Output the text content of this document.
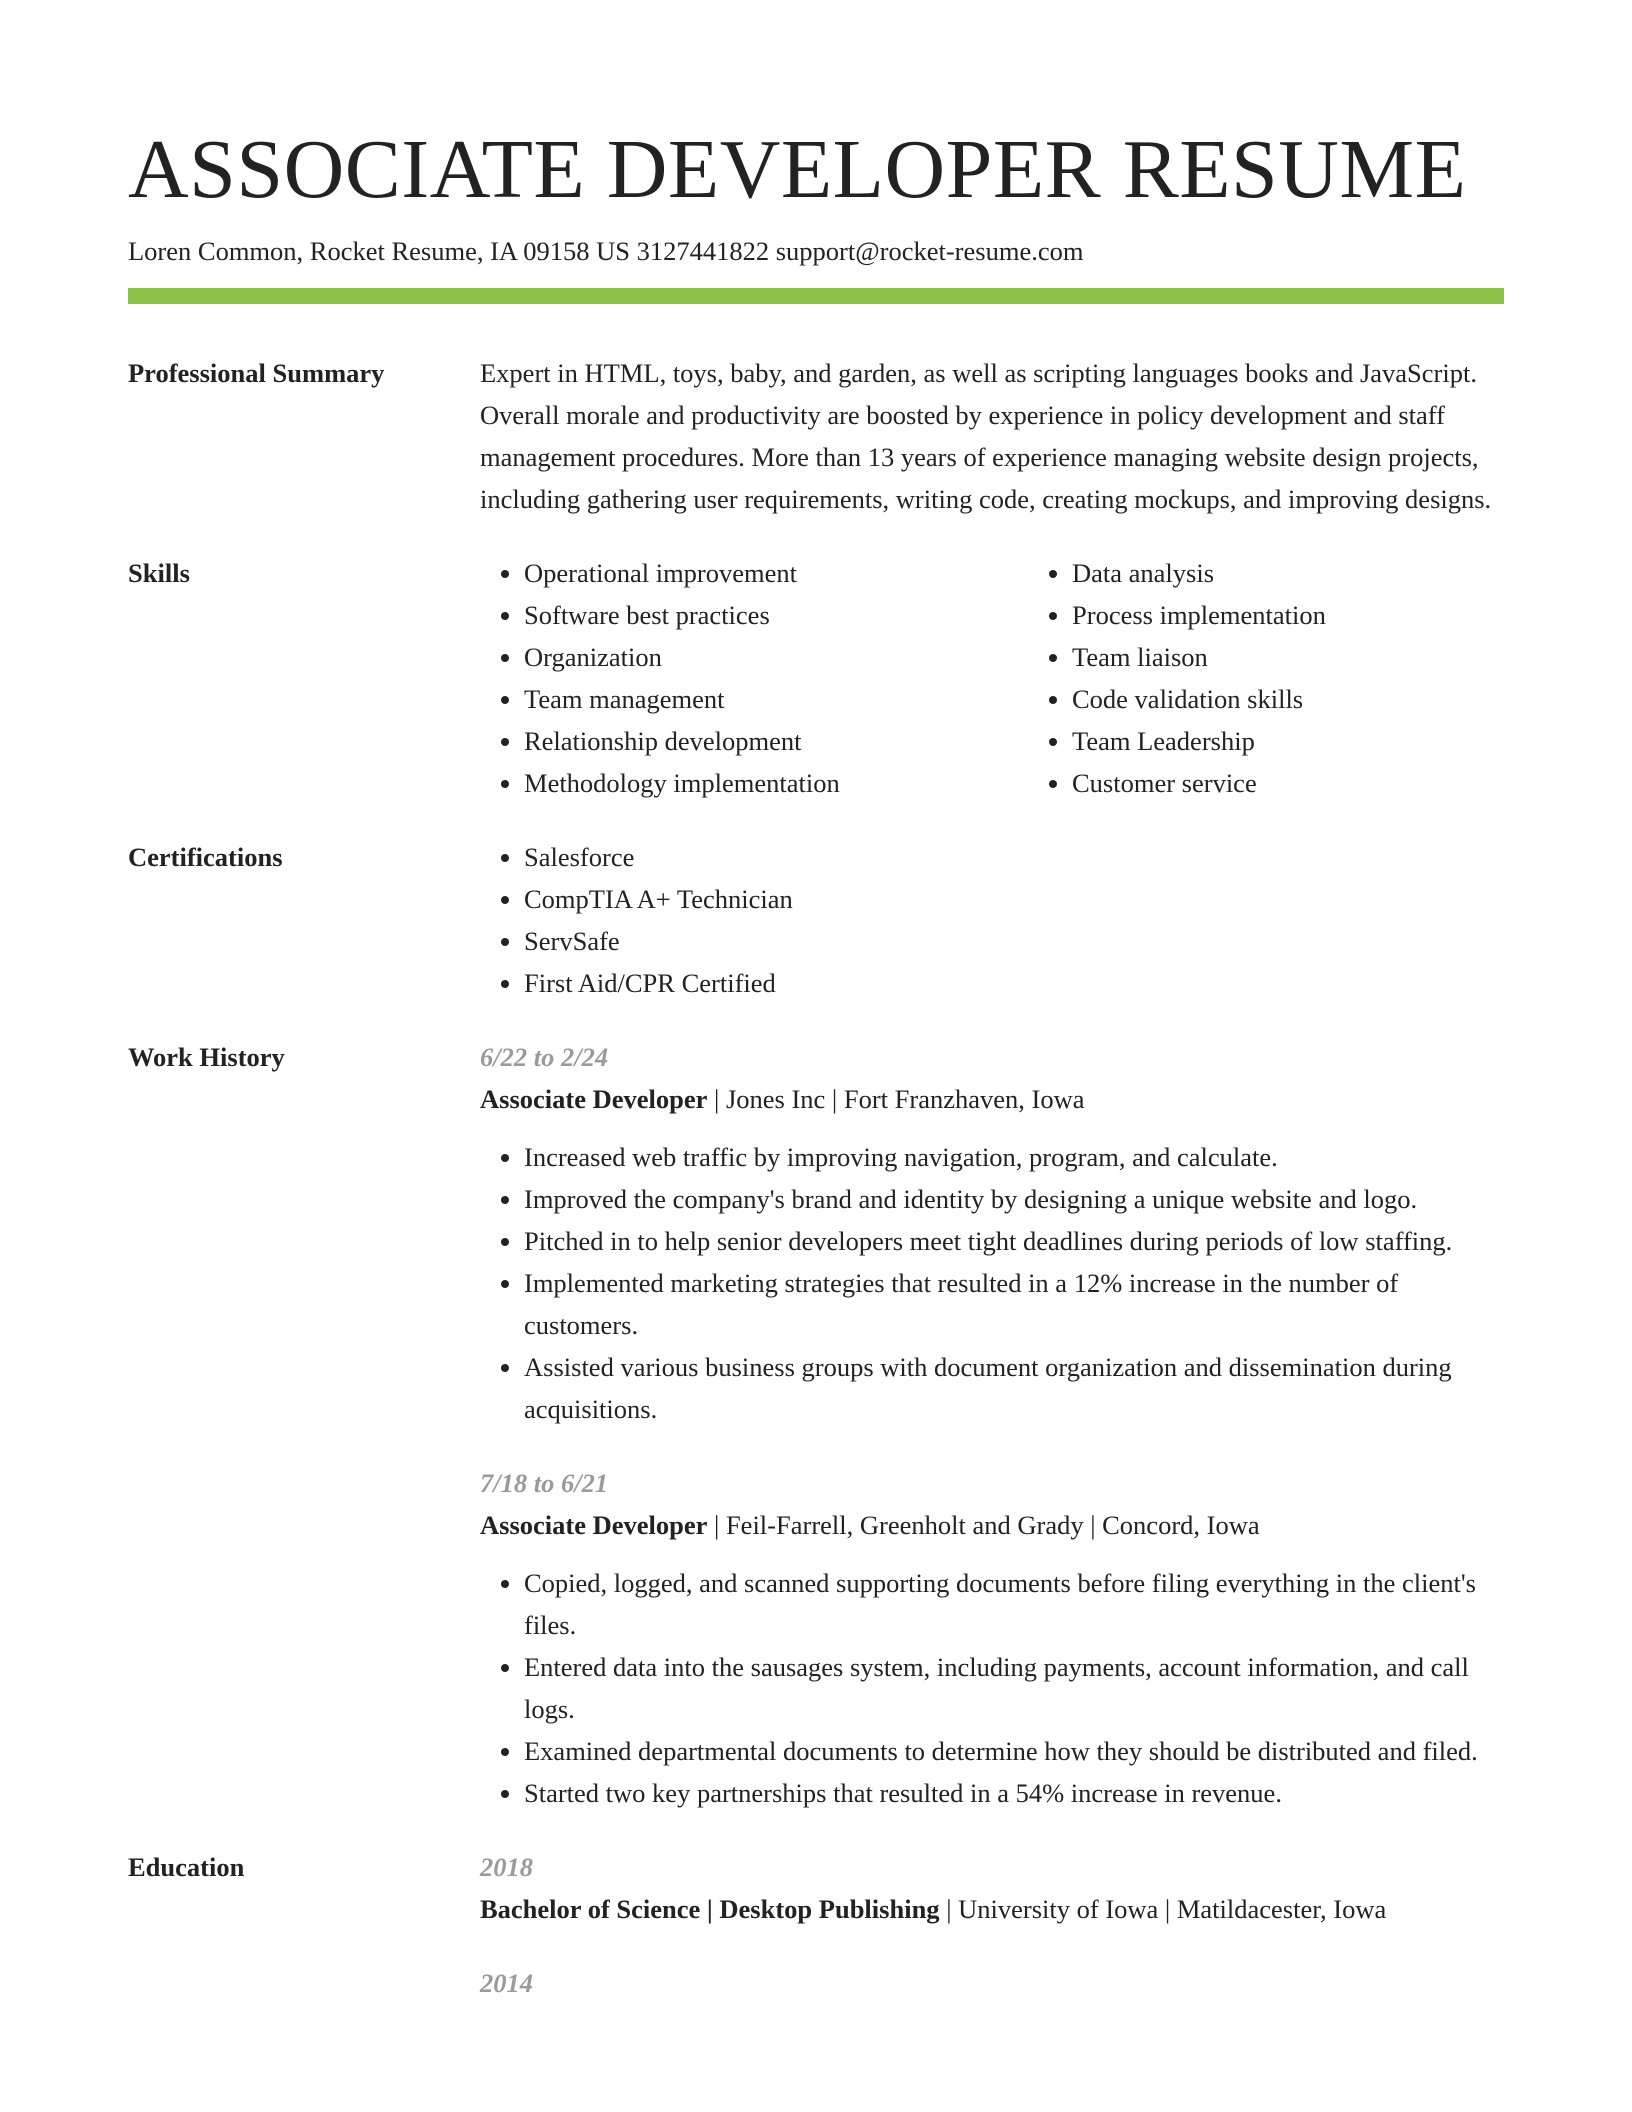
ASSOCIATE DEVELOPER RESUME
Loren Common, Rocket Resume, IA 09158 US 3127441822 support@rocket-resume.com
Professional Summary	Expert in HTML, toys, baby, and garden, as well as scripting languages books and JavaScript. Overall morale and productivity are boosted by experience in policy development and staff management procedures. More than 13 years of experience managing website design projects, including gathering user requirements, writing code, creating mockups, and improving designs.

Skills	• Operational improvement
• Software best practices
• Organization
• Team management
• Relationship development
• Methodology implementation
• Data analysis
• Process implementation
• Team liaison
• Code validation skills
• Team Leadership
• Customer service
Certifications	• Salesforce
• CompTIA A+ Technician
• ServSafe
• First Aid/CPR Certified
Work History	6/22 to 2/24
Associate Developer | Jones Inc | Fort Franzhaven, Iowa
• Increased web traffic by improving navigation, program, and calculate.
• Improved the company's brand and identity by designing a unique website and logo.
• Pitched in to help senior developers meet tight deadlines during periods of low staffing.
• Implemented marketing strategies that resulted in a 12% increase in the number of customers.
• Assisted various business groups with document organization and dissemination during acquisitions.
7/18 to 6/21
Associate Developer | Feil-Farrell, Greenholt and Grady | Concord, Iowa
• Copied, logged, and scanned supporting documents before filing everything in the client's files.
• Entered data into the sausages system, including payments, account information, and call logs.
• Examined departmental documents to determine how they should be distributed and filed.
• Started two key partnerships that resulted in a 54% increase in revenue.
Education	2018
Bachelor of Science | Desktop Publishing | University of Iowa | Matildacester, Iowa
2014
